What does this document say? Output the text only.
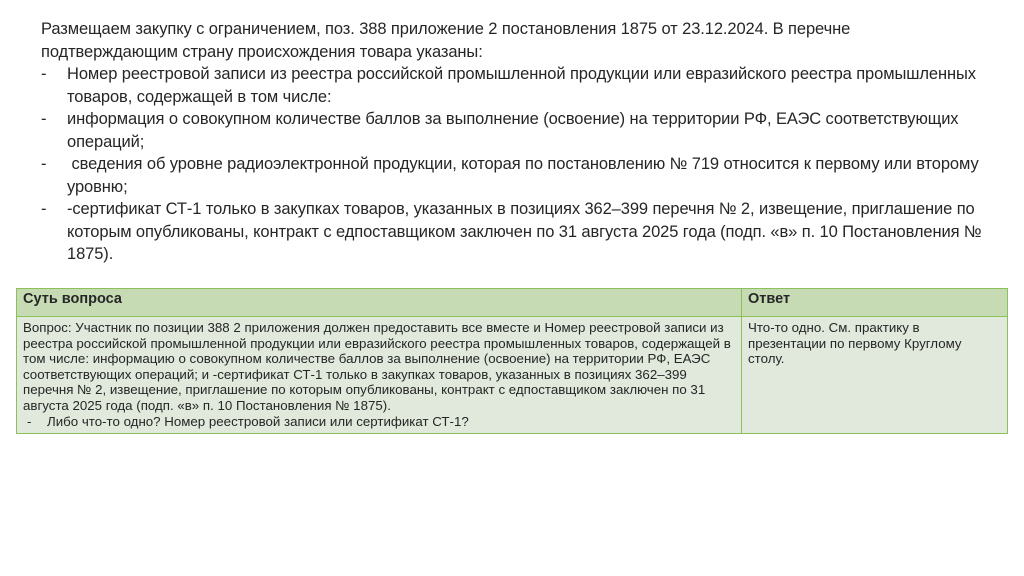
Размещаем закупку с ограничением, поз. 388 приложение 2 постановления 1875 от 23.12.2024. В перечне подтверждающим страну происхождения товара указаны:

- Номер реестровой записи из реестра российской промышленной продукции или евразийского реестра промышленных товаров, содержащей в том числе:
- информация о совокупном количестве баллов за выполнение (освоение) на территории РФ, ЕАЭС соответствующих операций;
- сведения об уровне радиоэлектронной продукции, которая по постановлению № 719 относится к первому или второму уровню;
- -сертификат СТ-1 только в закупках товаров, указанных в позициях 362–399 перечня № 2, извещение, приглашение по которым опубликованы, контракт с едпоставщиком заключен по 31 августа 2025 года (подп. «в» п. 10 Постановления № 1875).
Суть вопроса	Ответ

Вопрос: Участник по позиции 388 2 приложения должен предоставить все вместе и Номер реестровой записи из реестра российской промышленной продукции или евразийского реестра промышленных товаров, содержащей в том числе: информацию о совокупном количестве баллов за выполнение (освоение) на территории РФ, ЕАЭС соответствующих операций; и -сертификат СТ-1 только в закупках товаров, указанных в позициях 362–399 перечня № 2, извещение, приглашение по которым опубликованы, контракт с едпоставщиком заключен по 31 августа 2025 года (подп. «в» п. 10 Постановления № 1875).
- Либо что-то одно? Номер реестровой записи или сертификат СТ-1?	Что-то одно. См. практику в презентации по первому Круглому столу.
